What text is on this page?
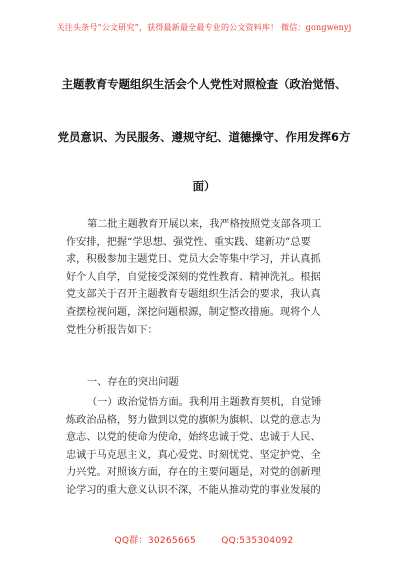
关注头条号“公文研究”，获得最新最全最专业的公文资料库！ 微信：gongwenyj
主题教育专题组织生活会个人党性对照检查（政治觉悟、
党员意识、为民服务、遵规守纪、道德操守、作用发挥6方
面）
第二批主题教育开展以来，我严格按照党支部各项工
作安排，把握“学思想、强党性、重实践、建新功”总要
求，积极参加主题党日、党员大会等集中学习，并认真抓
好个人自学，自觉接受深刻的党性教育、精神洗礼。根据
党支部关于召开主题教育专题组织生活会的要求，我认真
查摆检视问题，深挖问题根源，制定整改措施。现将个人
党性分析报告如下：
一、存在的突出问题
（一）政治觉悟方面。我利用主题教育契机，自觉锤
炼政治品格，努力做到以党的旗帜为旗帜、以党的意志为
意志、以党的使命为使命，始终忠诚于党、忠诚于人民、
忠诚于马克思主义，真心爱党、时刻忧党、坚定护党、全
力兴党。对照该方面，存在的主要问题是，对党的创新理
论学习的重大意义认识不深，不能从推动党的事业发展的
QQ群：30265665	QQ:535304092
